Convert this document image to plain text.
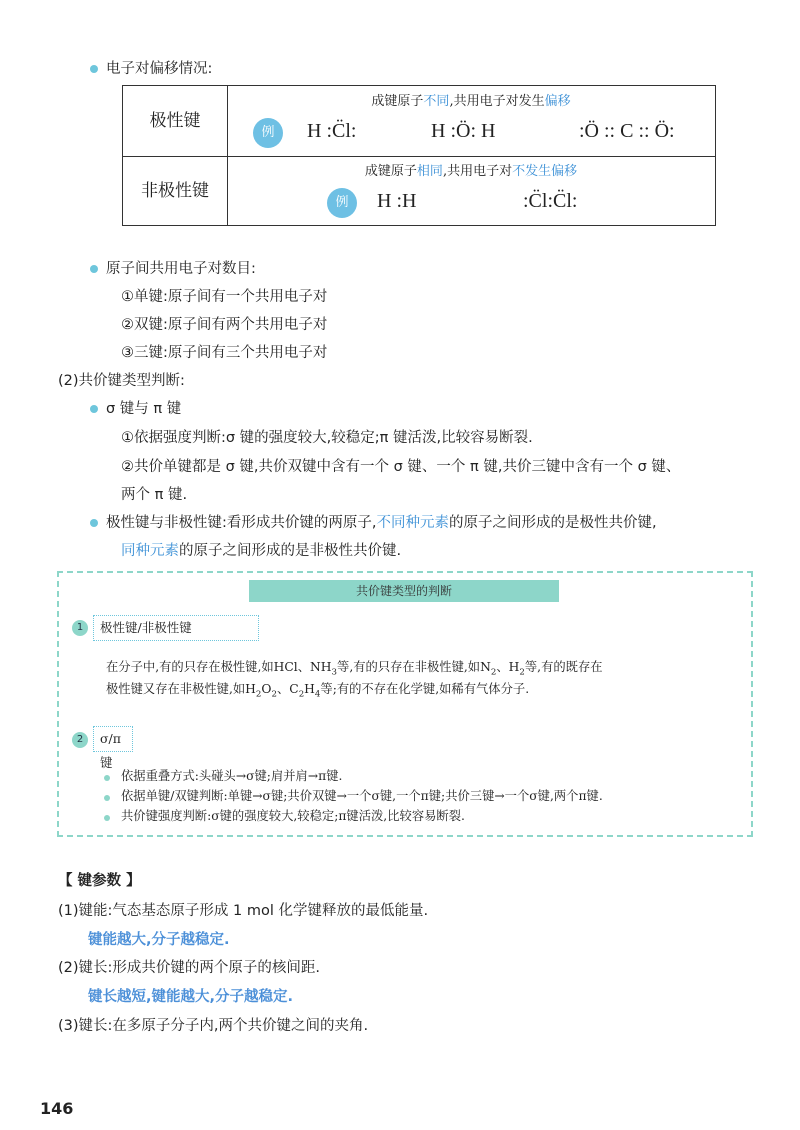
电子对偏移情况:
极性键
成键原子不同,共用电子对发生偏移
例	H :C̈l:	H :Ö: H	:Ö :: C :: Ö:
非极性键
成键原子相同,共用电子对不发生偏移
例	H :H	:C̈l:C̈l:
原子间共用电子对数目:
①单键:原子间有一个共用电子对
②双键:原子间有两个共用电子对
③三键:原子间有三个共用电子对
(2)共价键类型判断:
σ 键与 π 键
①依据强度判断:σ 键的强度较大,较稳定;π 键活泼,比较容易断裂.
②共价单键都是 σ 键,共价双键中含有一个 σ 键、一个 π 键,共价三键中含有一个 σ 键、
两个 π 键.
极性键与非极性键:看形成共价键的两原子,不同种元素的原子之间形成的是极性共价键,
同种元素的原子之间形成的是非极性共价键.
共价键类型的判断
1	极性键/非极性键
在分子中,有的只存在极性键,如HCl、$NH_3$等,有的只存在非极性键,如$N_2$、$H_2$等,有的既存在
极性键又存在非极性键,如$H_2O_2$、$C_2H_4$等;有的不存在化学键,如稀有气体分子.
2	σ/π键
依据重叠方式:头碰头→σ键;肩并肩→π键.
依据单键/双键判断:单键→σ键;共价双键→一个σ键,一个π键;共价三键→一个σ键,两个π键.
共价键强度判断:σ键的强度较大,较稳定;π键活泼,比较容易断裂.
【 键参数 】
(1)键能:气态基态原子形成 1 mol 化学键释放的最低能量.
键能越大,分子越稳定.
(2)键长:形成共价键的两个原子的核间距.
键长越短,键能越大,分子越稳定.
(3)键长:在多原子分子内,两个共价键之间的夹角.
146
